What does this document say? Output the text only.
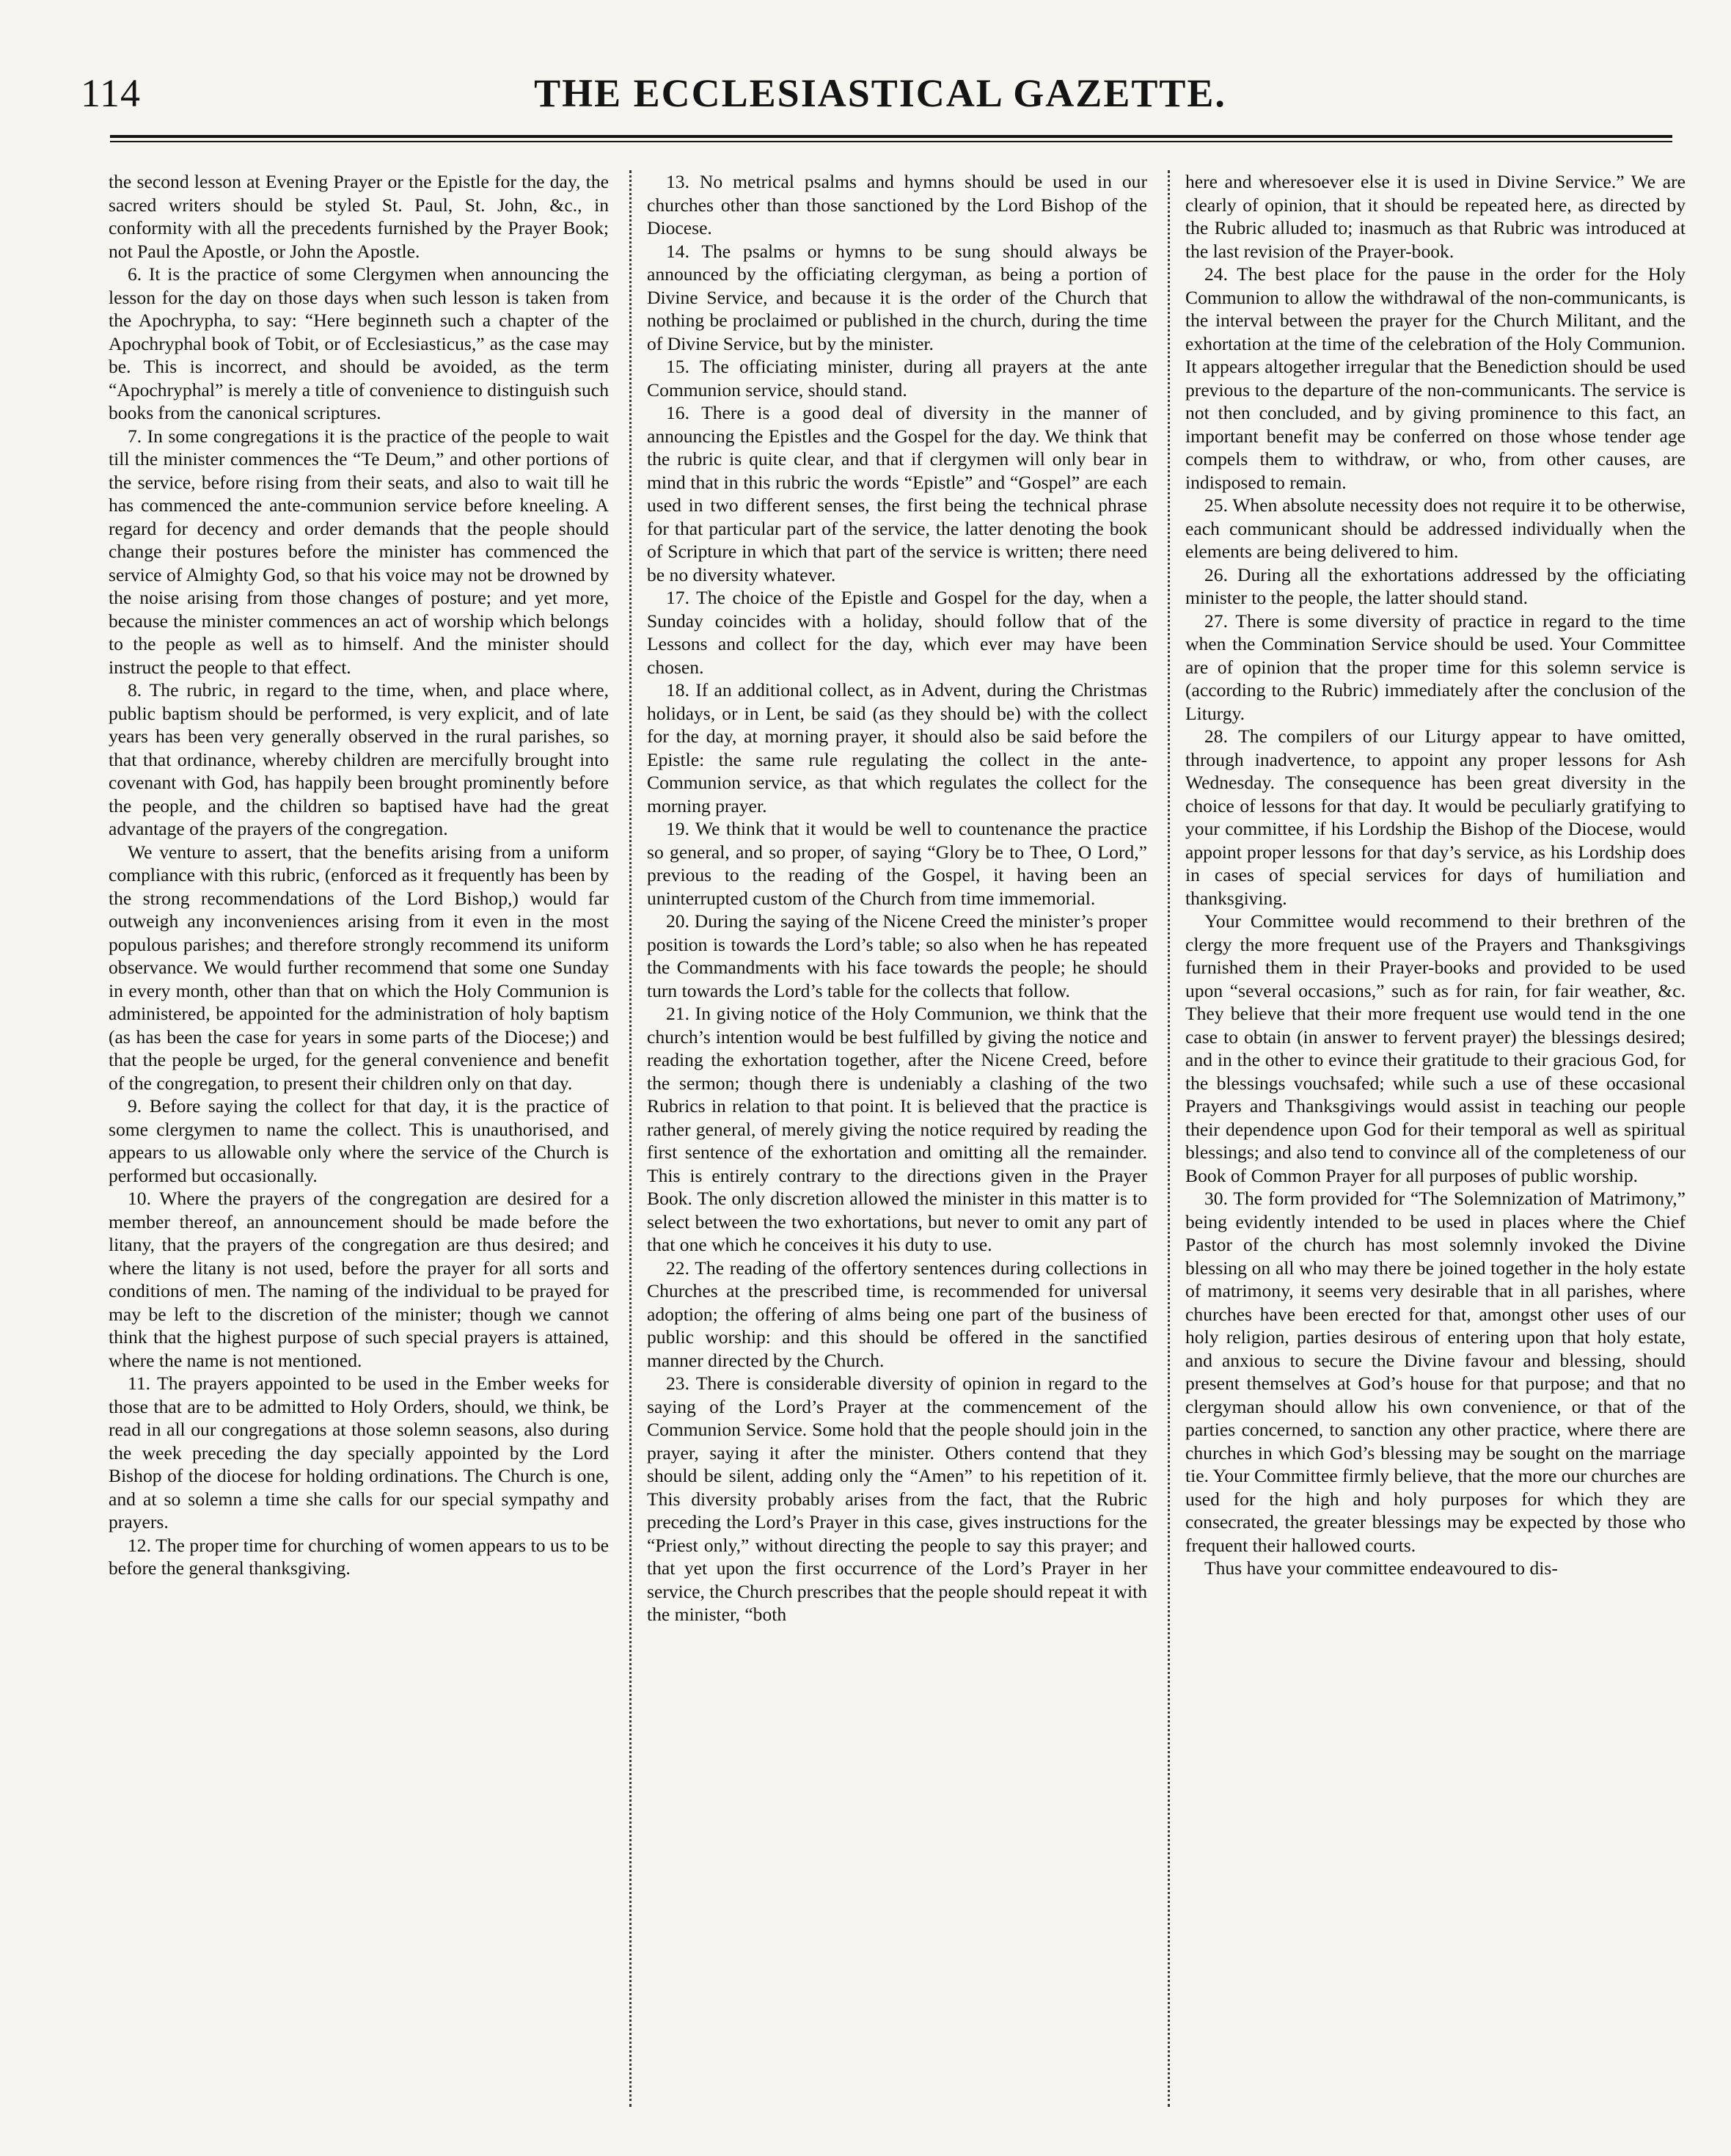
114	THE ECCLESIASTICAL GAZETTE.

the second lesson at Evening Prayer or the Epistle for the day, the sacred writers should be styled St. Paul, St. John, &c., in conformity with all the precedents furnished by the Prayer Book; not Paul the Apostle, or John the Apostle.

6. It is the practice of some Clergymen when announcing the lesson for the day on those days when such lesson is taken from the Apochrypha, to say: “Here beginneth such a chapter of the Apochryphal book of Tobit, or of Ecclesiasticus,” as the case may be. This is incorrect, and should be avoided, as the term “Apochryphal” is merely a title of convenience to distinguish such books from the canonical scriptures.

7. In some congregations it is the practice of the people to wait till the minister commences the “Te Deum,” and other portions of the service, before rising from their seats, and also to wait till he has commenced the ante-communion service before kneeling. A regard for decency and order demands that the people should change their postures before the minister has commenced the service of Almighty God, so that his voice may not be drowned by the noise arising from those changes of posture; and yet more, because the minister commences an act of worship which belongs to the people as well as to himself. And the minister should instruct the people to that effect.

8. The rubric, in regard to the time, when, and place where, public baptism should be performed, is very explicit, and of late years has been very generally observed in the rural parishes, so that that ordinance, whereby children are mercifully brought into covenant with God, has happily been brought prominently before the people, and the children so baptised have had the great advantage of the prayers of the congregation.

We venture to assert, that the benefits arising from a uniform compliance with this rubric, (enforced as it frequently has been by the strong recommendations of the Lord Bishop,) would far outweigh any inconveniences arising from it even in the most populous parishes; and therefore strongly recommend its uniform observance. We would further recommend that some one Sunday in every month, other than that on which the Holy Communion is administered, be appointed for the administration of holy baptism (as has been the case for years in some parts of the Diocese;) and that the people be urged, for the general convenience and benefit of the congregation, to present their children only on that day.

9. Before saying the collect for that day, it is the practice of some clergymen to name the collect. This is unauthorised, and appears to us allowable only where the service of the Church is performed but occasionally.

10. Where the prayers of the congregation are desired for a member thereof, an announcement should be made before the litany, that the prayers of the congregation are thus desired; and where the litany is not used, before the prayer for all sorts and conditions of men. The naming of the individual to be prayed for may be left to the discretion of the minister; though we cannot think that the highest purpose of such special prayers is attained, where the name is not mentioned.

11. The prayers appointed to be used in the Ember weeks for those that are to be admitted to Holy Orders, should, we think, be read in all our congregations at those solemn seasons, also during the week preceding the day specially appointed by the Lord Bishop of the diocese for holding ordinations. The Church is one, and at so solemn a time she calls for our special sympathy and prayers.

12. The proper time for churching of women appears to us to be before the general thanksgiving.

13. No metrical psalms and hymns should be used in our churches other than those sanctioned by the Lord Bishop of the Diocese.

14. The psalms or hymns to be sung should always be announced by the officiating clergyman, as being a portion of Divine Service, and because it is the order of the Church that nothing be proclaimed or published in the church, during the time of Divine Service, but by the minister.

15. The officiating minister, during all prayers at the ante Communion service, should stand.

16. There is a good deal of diversity in the manner of announcing the Epistles and the Gospel for the day. We think that the rubric is quite clear, and that if clergymen will only bear in mind that in this rubric the words “Epistle” and “Gospel” are each used in two different senses, the first being the technical phrase for that particular part of the service, the latter denoting the book of Scripture in which that part of the service is written; there need be no diversity whatever.

17. The choice of the Epistle and Gospel for the day, when a Sunday coincides with a holiday, should follow that of the Lessons and collect for the day, which ever may have been chosen.

18. If an additional collect, as in Advent, during the Christmas holidays, or in Lent, be said (as they should be) with the collect for the day, at morning prayer, it should also be said before the Epistle: the same rule regulating the collect in the ante-Communion service, as that which regulates the collect for the morning prayer.

19. We think that it would be well to countenance the practice so general, and so proper, of saying “Glory be to Thee, O Lord,” previous to the reading of the Gospel, it having been an uninterrupted custom of the Church from time immemorial.

20. During the saying of the Nicene Creed the minister’s proper position is towards the Lord’s table; so also when he has repeated the Commandments with his face towards the people; he should turn towards the Lord’s table for the collects that follow.

21. In giving notice of the Holy Communion, we think that the church’s intention would be best fulfilled by giving the notice and reading the exhortation together, after the Nicene Creed, before the sermon; though there is undeniably a clashing of the two Rubrics in relation to that point. It is believed that the practice is rather general, of merely giving the notice required by reading the first sentence of the exhortation and omitting all the remainder. This is entirely contrary to the directions given in the Prayer Book. The only discretion allowed the minister in this matter is to select between the two exhortations, but never to omit any part of that one which he conceives it his duty to use.

22. The reading of the offertory sentences during collections in Churches at the prescribed time, is recommended for universal adoption; the offering of alms being one part of the business of public worship: and this should be offered in the sanctified manner directed by the Church.

23. There is considerable diversity of opinion in regard to the saying of the Lord’s Prayer at the commencement of the Communion Service. Some hold that the people should join in the prayer, saying it after the minister. Others contend that they should be silent, adding only the “Amen” to his repetition of it. This diversity probably arises from the fact, that the Rubric preceding the Lord’s Prayer in this case, gives instructions for the “Priest only,” without directing the people to say this prayer; and that yet upon the first occurrence of the Lord’s Prayer in her service, the Church prescribes that the people should repeat it with the minister, “both

here and wheresoever else it is used in Divine Service.” We are clearly of opinion, that it should be repeated here, as directed by the Rubric alluded to; inasmuch as that Rubric was introduced at the last revision of the Prayer-book.

24. The best place for the pause in the order for the Holy Communion to allow the withdrawal of the non-communicants, is the interval between the prayer for the Church Militant, and the exhortation at the time of the celebration of the Holy Communion. It appears altogether irregular that the Benediction should be used previous to the departure of the non-communicants. The service is not then concluded, and by giving prominence to this fact, an important benefit may be conferred on those whose tender age compels them to withdraw, or who, from other causes, are indisposed to remain.

25. When absolute necessity does not require it to be otherwise, each communicant should be addressed individually when the elements are being delivered to him.

26. During all the exhortations addressed by the officiating minister to the people, the latter should stand.

27. There is some diversity of practice in regard to the time when the Commination Service should be used. Your Committee are of opinion that the proper time for this solemn service is (according to the Rubric) immediately after the conclusion of the Liturgy.

28. The compilers of our Liturgy appear to have omitted, through inadvertence, to appoint any proper lessons for Ash Wednesday. The consequence has been great diversity in the choice of lessons for that day. It would be peculiarly gratifying to your committee, if his Lordship the Bishop of the Diocese, would appoint proper lessons for that day’s service, as his Lordship does in cases of special services for days of humiliation and thanksgiving.

Your Committee would recommend to their brethren of the clergy the more frequent use of the Prayers and Thanksgivings furnished them in their Prayer-books and provided to be used upon “several occasions,” such as for rain, for fair weather, &c. They believe that their more frequent use would tend in the one case to obtain (in answer to fervent prayer) the blessings desired; and in the other to evince their gratitude to their gracious God, for the blessings vouchsafed; while such a use of these occasional Prayers and Thanksgivings would assist in teaching our people their dependence upon God for their temporal as well as spiritual blessings; and also tend to convince all of the completeness of our Book of Common Prayer for all purposes of public worship.

30. The form provided for “The Solemnization of Matrimony,” being evidently intended to be used in places where the Chief Pastor of the church has most solemnly invoked the Divine blessing on all who may there be joined together in the holy estate of matrimony, it seems very desirable that in all parishes, where churches have been erected for that, amongst other uses of our holy religion, parties desirous of entering upon that holy estate, and anxious to secure the Divine favour and blessing, should present themselves at God’s house for that purpose; and that no clergyman should allow his own convenience, or that of the parties concerned, to sanction any other practice, where there are churches in which God’s blessing may be sought on the marriage tie. Your Committee firmly believe, that the more our churches are used for the high and holy purposes for which they are consecrated, the greater blessings may be expected by those who frequent their hallowed courts.

Thus have your committee endeavoured to dis-
